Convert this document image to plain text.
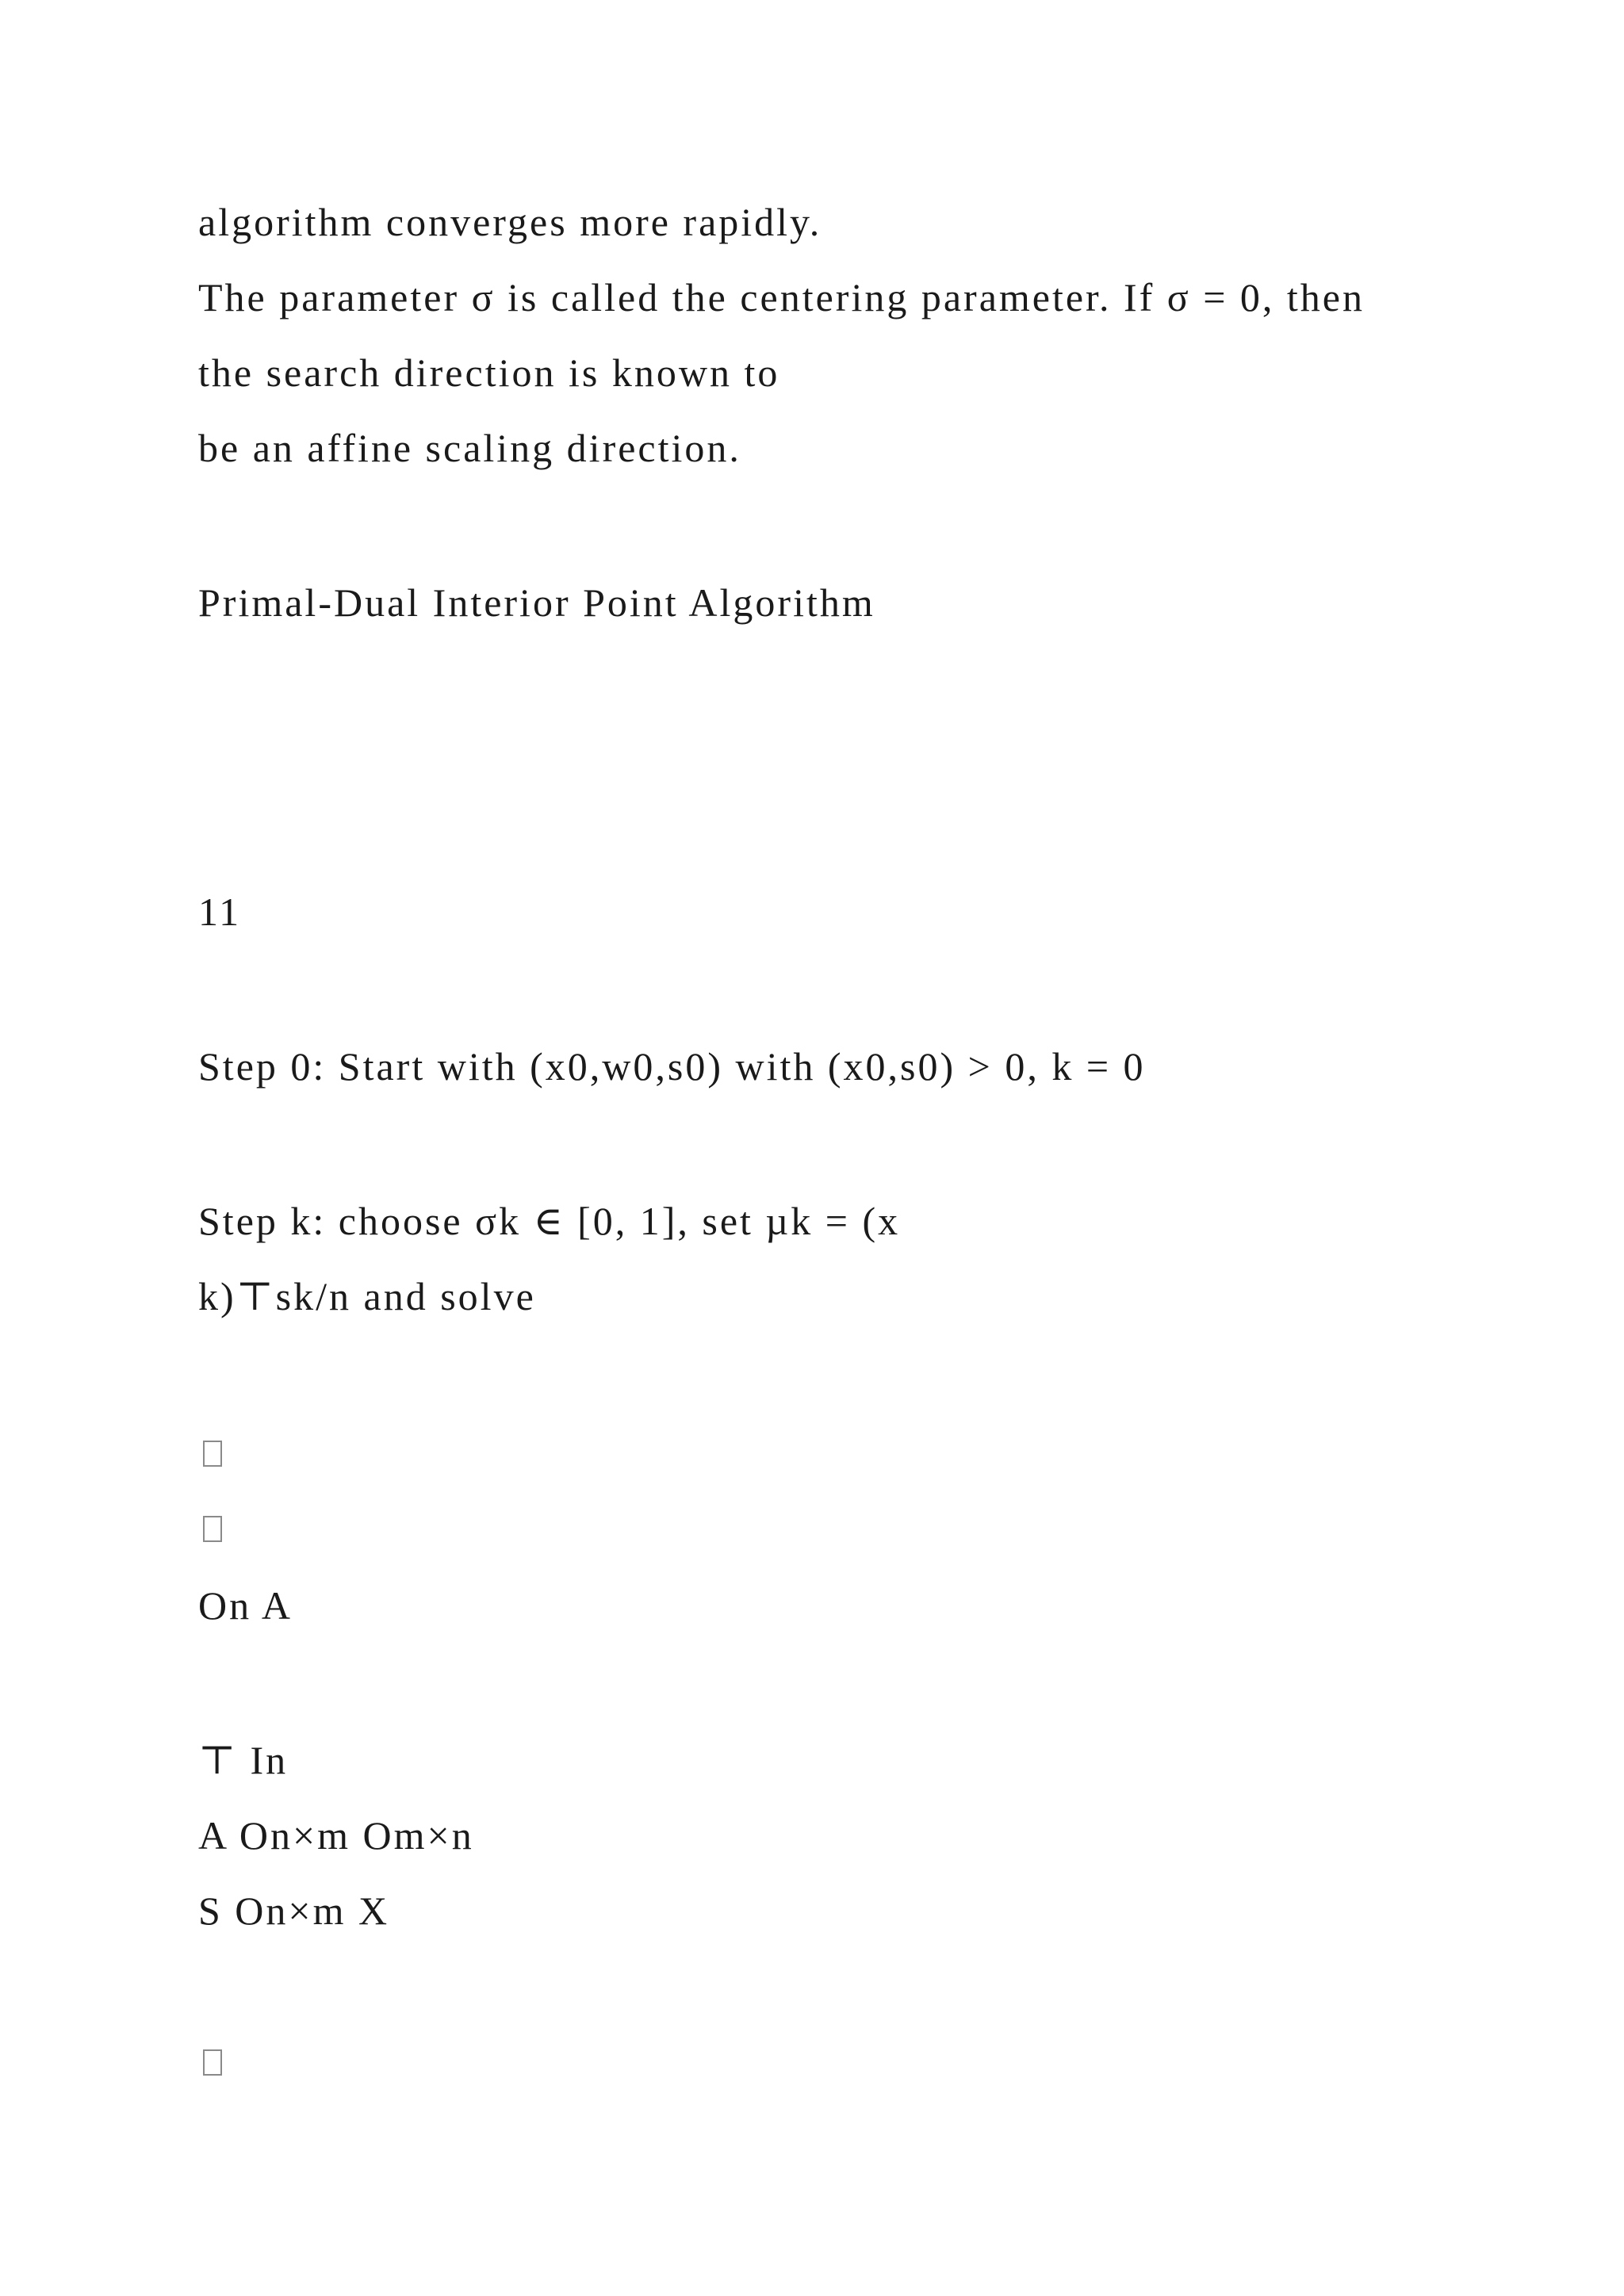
algorithm converges more rapidly.
The parameter σ is called the centering parameter. If σ = 0, then
the search direction is known to
be an affine scaling direction.
Primal-Dual Interior Point Algorithm
11
Step 0: Start with (x0,w0,s0) with (x0,s0) > 0, k = 0
Step k: choose σk ∈ [0, 1], set µk = (x
k)⊤sk/n and solve
On A
⊤ In
A On×m Om×n
S On×m X
